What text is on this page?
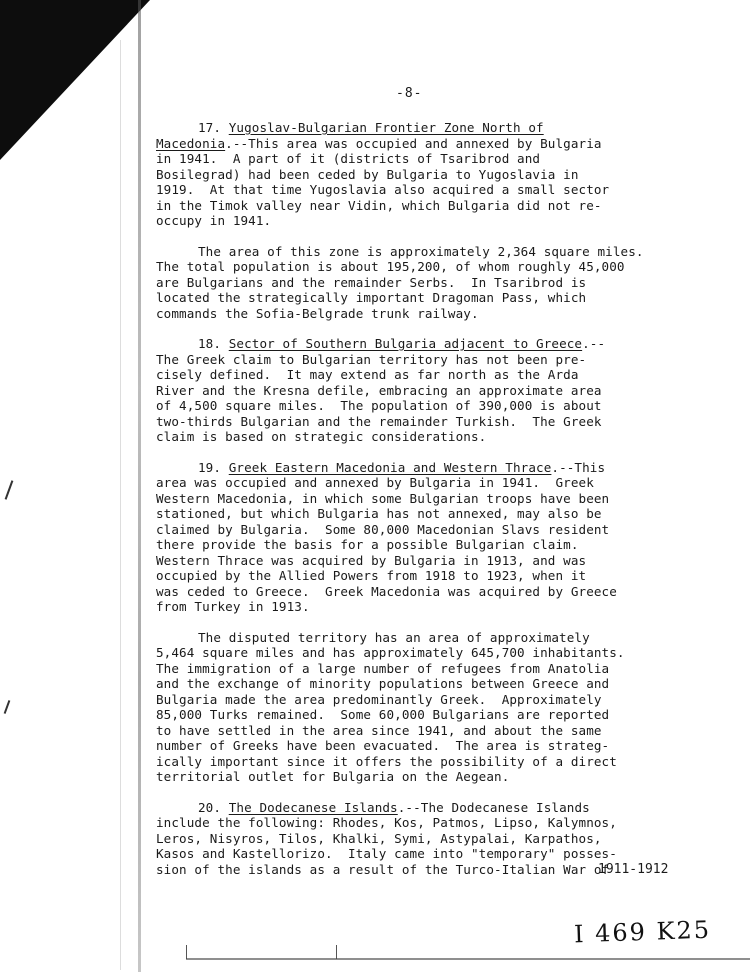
-8-
17. Yugoslav-Bulgarian Frontier Zone North of
Macedonia.--This area was occupied and annexed by Bulgaria
in 1941.  A part of it (districts of Tsaribrod and
Bosilegrad) had been ceded by Bulgaria to Yugoslavia in
1919.  At that time Yugoslavia also acquired a small sector
in the Timok valley near Vidin, which Bulgaria did not re-
occupy in 1941.
The area of this zone is approximately 2,364 square miles.
The total population is about 195,200, of whom roughly 45,000
are Bulgarians and the remainder Serbs.  In Tsaribrod is
located the strategically important Dragoman Pass, which
commands the Sofia-Belgrade trunk railway.
18. Sector of Southern Bulgaria adjacent to Greece.--
The Greek claim to Bulgarian territory has not been pre-
cisely defined.  It may extend as far north as the Arda
River and the Kresna defile, embracing an approximate area
of 4,500 square miles.  The population of 390,000 is about
two-thirds Bulgarian and the remainder Turkish.  The Greek
claim is based on strategic considerations.
19. Greek Eastern Macedonia and Western Thrace.--This
area was occupied and annexed by Bulgaria in 1941.  Greek
Western Macedonia, in which some Bulgarian troops have been
stationed, but which Bulgaria has not annexed, may also be
claimed by Bulgaria.  Some 80,000 Macedonian Slavs resident
there provide the basis for a possible Bulgarian claim.
Western Thrace was acquired by Bulgaria in 1913, and was
occupied by the Allied Powers from 1918 to 1923, when it
was ceded to Greece.  Greek Macedonia was acquired by Greece
from Turkey in 1913.
The disputed territory has an area of approximately
5,464 square miles and has approximately 645,700 inhabitants.
The immigration of a large number of refugees from Anatolia
and the exchange of minority populations between Greece and
Bulgaria made the area predominantly Greek.  Approximately
85,000 Turks remained.  Some 60,000 Bulgarians are reported
to have settled in the area since 1941, and about the same
number of Greeks have been evacuated.  The area is strateg-
ically important since it offers the possibility of a direct
territorial outlet for Bulgaria on the Aegean.
20. The Dodecanese Islands.--The Dodecanese Islands
include the following: Rhodes, Kos, Patmos, Lipso, Kalymnos,
Leros, Nisyros, Tilos, Khalki, Symi, Astypalai, Karpathos,
Kasos and Kastellorizo.  Italy came into "temporary" posses-
sion of the islands as a result of the Turco-Italian War of
1911-1912
I 469 K25
